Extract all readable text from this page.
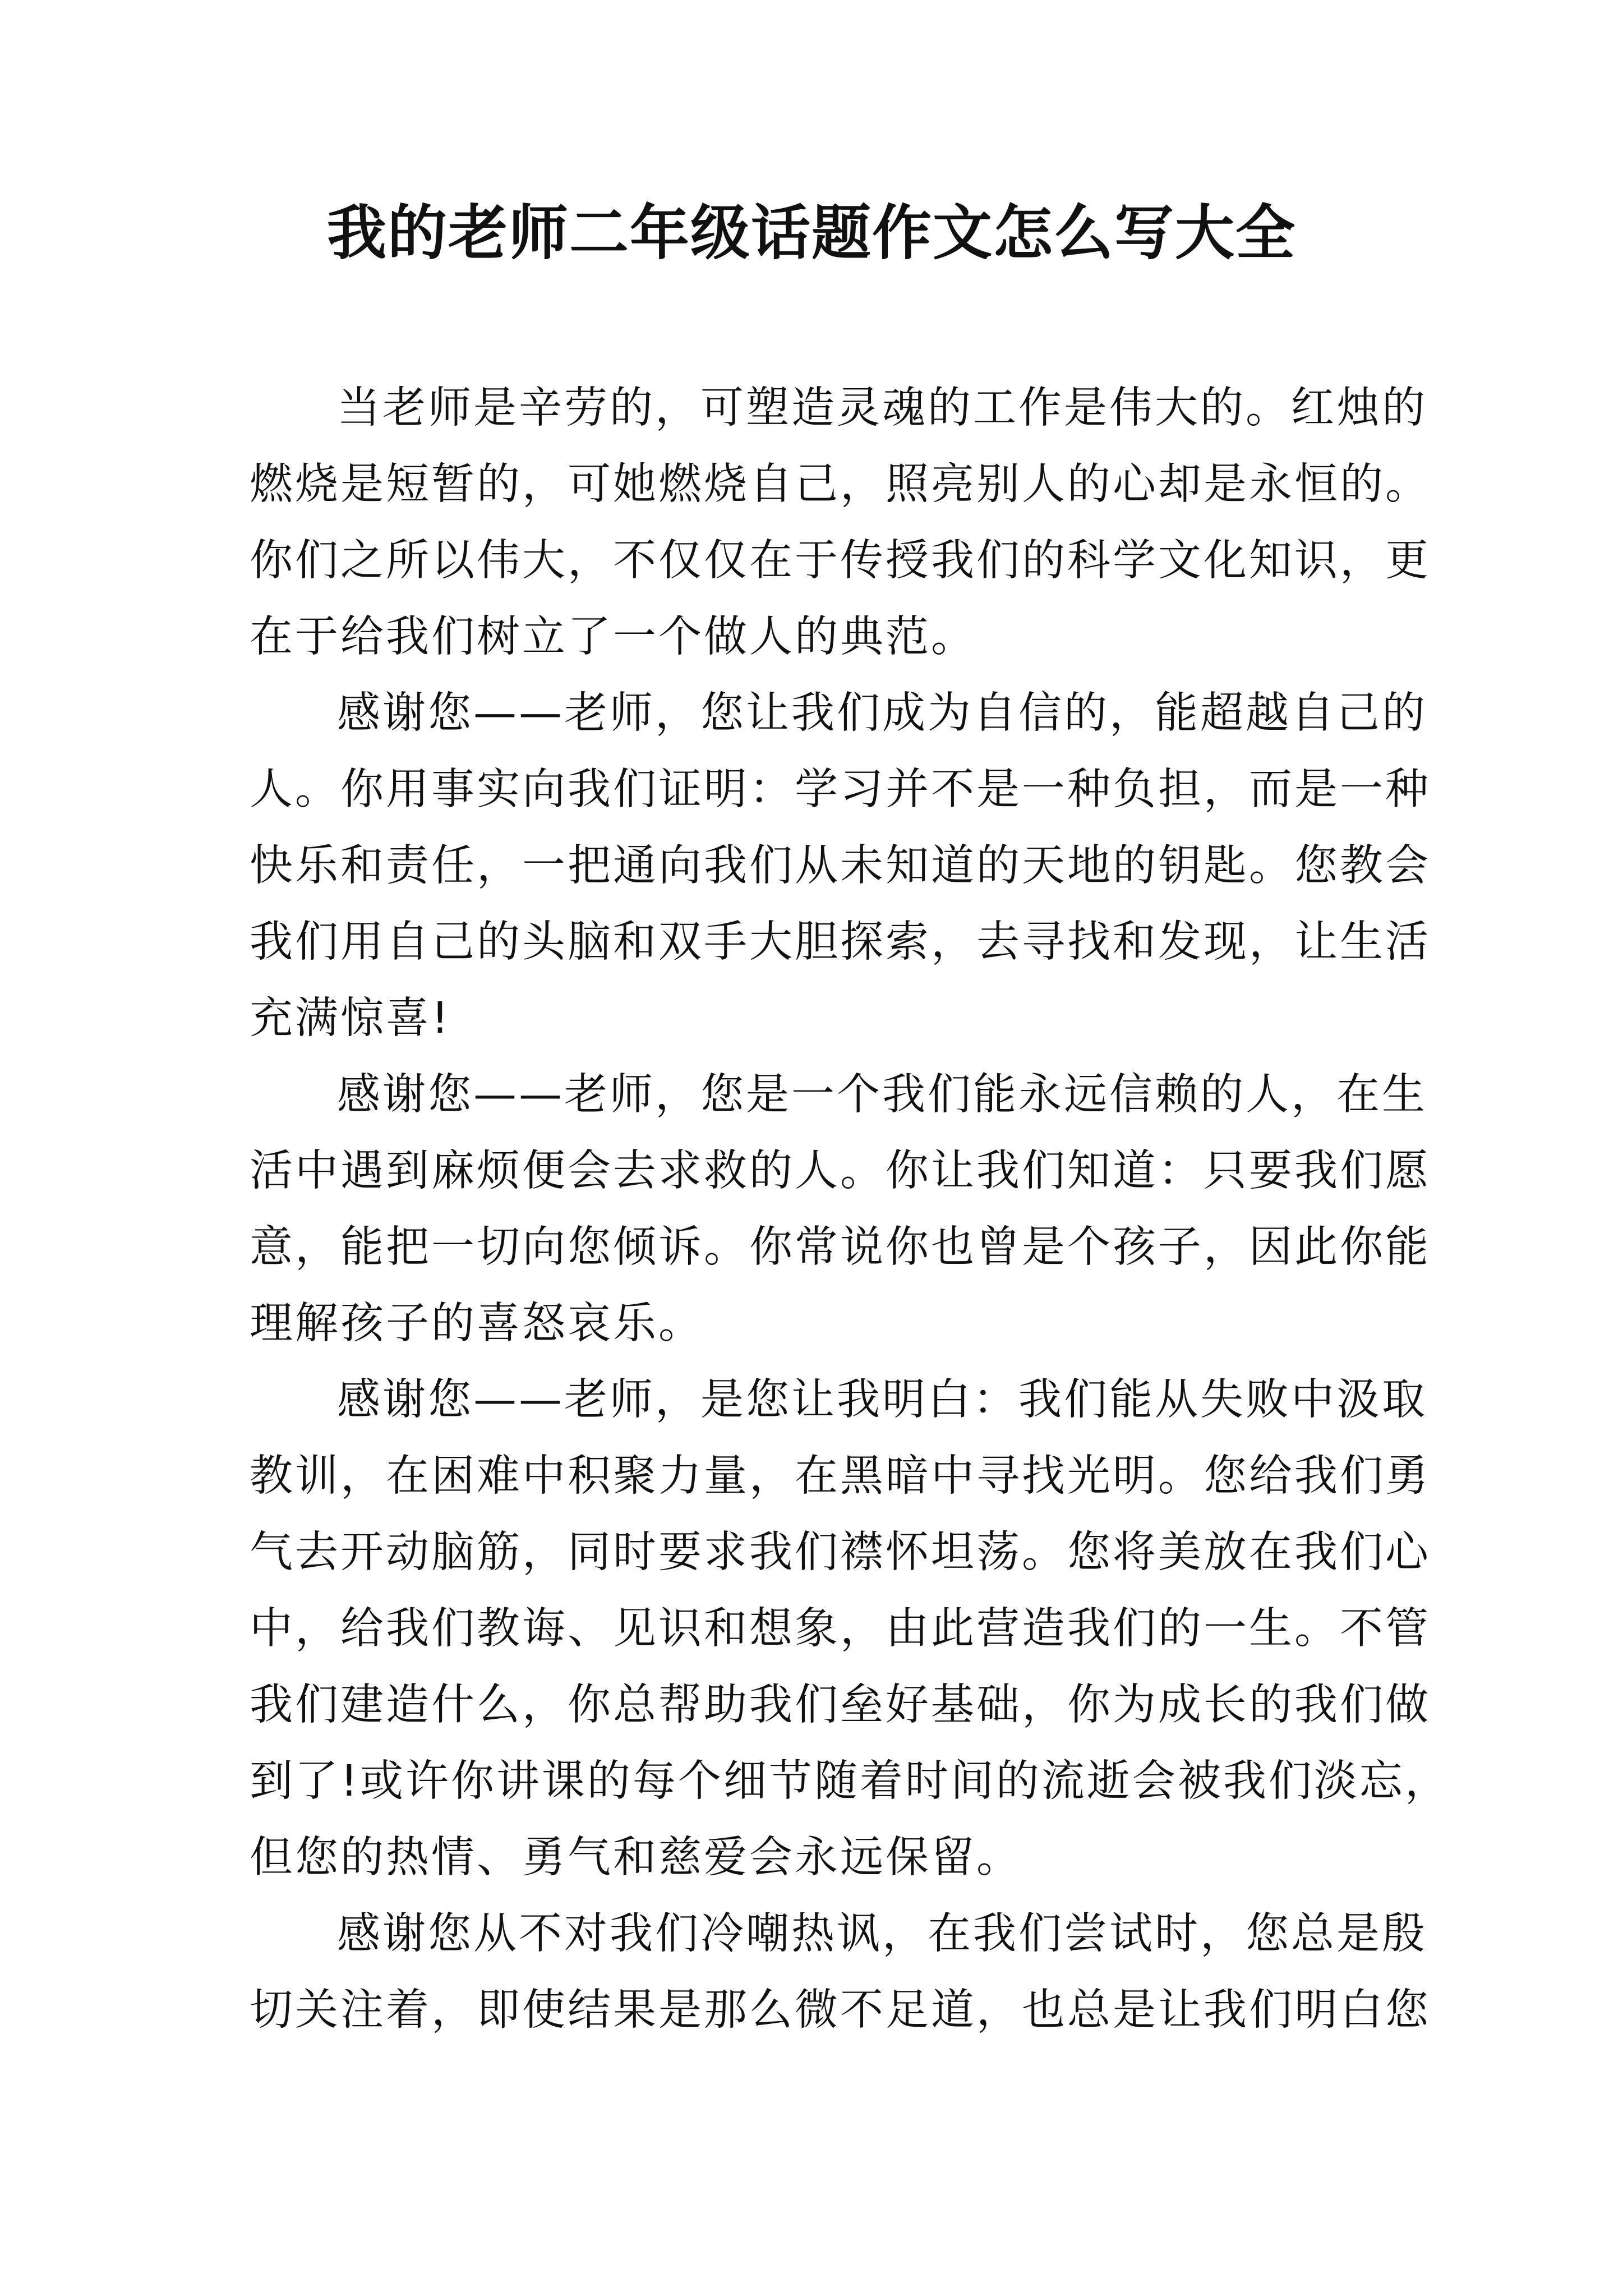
我的老师二年级话题作文怎么写大全

当老师是辛劳的，可塑造灵魂的工作是伟大的。红烛的
燃烧是短暂的，可她燃烧自己，照亮别人的心却是永恒的。
你们之所以伟大，不仅仅在于传授我们的科学文化知识，更
在于给我们树立了一个做人的典范。

感谢您——老师，您让我们成为自信的，能超越自己的
人。你用事实向我们证明：学习并不是一种负担，而是一种
快乐和责任，一把通向我们从未知道的天地的钥匙。您教会
我们用自己的头脑和双手大胆探索，去寻找和发现，让生活
充满惊喜!

感谢您——老师，您是一个我们能永远信赖的人，在生
活中遇到麻烦便会去求救的人。你让我们知道：只要我们愿
意，能把一切向您倾诉。你常说你也曾是个孩子，因此你能
理解孩子的喜怒哀乐。

感谢您——老师，是您让我明白：我们能从失败中汲取
教训，在困难中积聚力量，在黑暗中寻找光明。您给我们勇
气去开动脑筋，同时要求我们襟怀坦荡。您将美放在我们心
中，给我们教诲、见识和想象，由此营造我们的一生。不管
我们建造什么，你总帮助我们垒好基础，你为成长的我们做
到了!或许你讲课的每个细节随着时间的流逝会被我们淡忘，
但您的热情、勇气和慈爱会永远保留。

感谢您从不对我们冷嘲热讽，在我们尝试时，您总是殷
切关注着，即使结果是那么微不足道，也总是让我们明白您
